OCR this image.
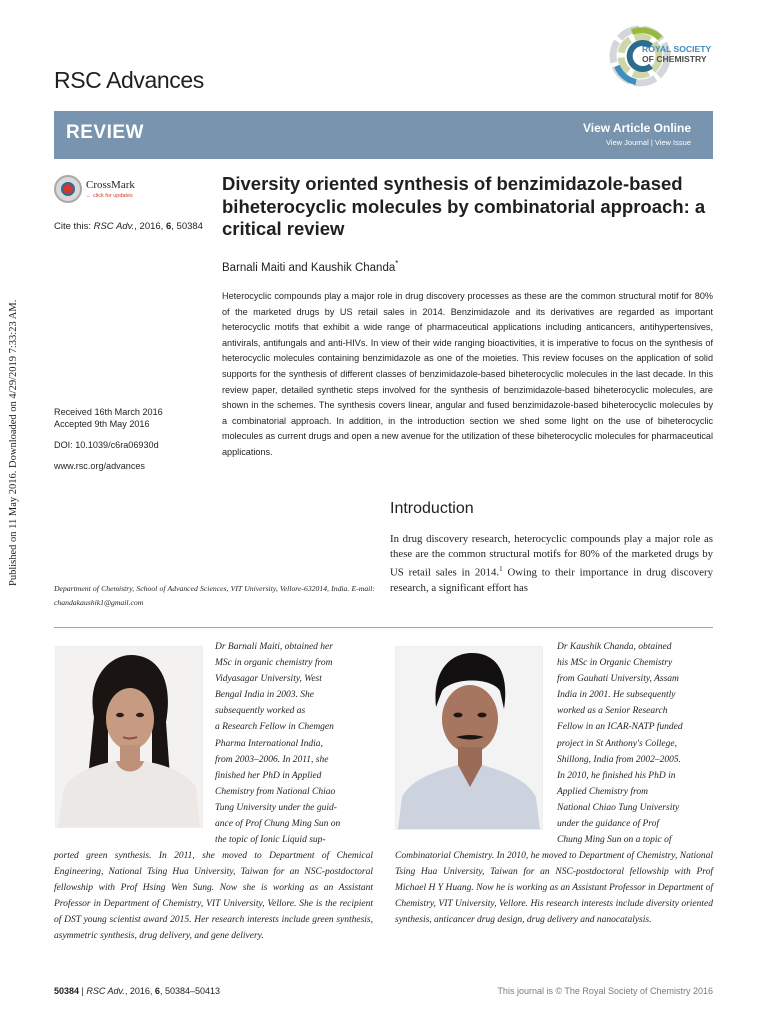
Published on 11 May 2016. Downloaded on 4/29/2019 7:33:23 AM.
RSC Advances
ROYAL SOCIETY
OF CHEMISTRY
REVIEW	View Article Online
View Journal | View Issue
CrossMark
← click for updates
Cite this: RSC Adv., 2016, 6, 50384
Diversity oriented synthesis of benzimidazole-based biheterocyclic molecules by combinatorial approach: a critical review
Barnali Maiti and Kaushik Chanda*
Heterocyclic compounds play a major role in drug discovery processes as these are the common structural motif for 80% of the marketed drugs by US retail sales in 2014. Benzimidazole and its derivatives are regarded as important heterocyclic motifs that exhibit a wide range of pharmaceutical applications including anticancers, antihypertensives, antivirals, antifungals and anti-HIVs. In view of their wide ranging bioactivities, it is imperative to focus on the synthesis of heterocyclic molecules containing benzimidazole as one of the moieties. This review focuses on the application of solid supports for the synthesis of different classes of benzimidazole-based biheterocyclic molecules in the last decade. In this review paper, detailed synthetic steps involved for the synthesis of benzimidazole-based biheterocyclic molecules, are shown in the schemes. The synthesis covers linear, angular and fused benzimidazole-based biheterocyclic molecules by a combinatorial approach. In addition, in the introduction section we shed some light on the use of biheterocyclic molecules as current drugs and open a new avenue for the utilization of these biheterocyclic molecules for pharmaceutical applications.
Received 16th March 2016
Accepted 9th May 2016
DOI: 10.1039/c6ra06930d
www.rsc.org/advances
Introduction
In drug discovery research, heterocyclic compounds play a major role as these are the common structural motifs for 80% of the marketed drugs by US retail sales in 2014.$^1$ Owing to their importance in drug discovery research, a significant effort has
Department of Chemistry, School of Advanced Sciences, VIT University, Vellore-632014, India. E-mail: chandakaushik1@gmail.com
Dr Barnali Maiti, obtained her
MSc in organic chemistry from
Vidyasagar University, West
Bengal India in 2003. She
subsequently worked as
a Research Fellow in Chemgen
Pharma International India,
from 2003–2006. In 2011, she
finished her PhD in Applied
Chemistry from National Chiao
Tung University under the guid-
ance of Prof Chung Ming Sun on
the topic of Ionic Liquid sup-
ported green synthesis. In 2011, she moved to Department of Chemical Engineering, National Tsing Hua University, Taiwan for an NSC-postdoctoral fellowship with Prof Hsing Wen Sung. Now she is working as an Assistant Professor in Department of Chemistry, VIT University, Vellore. She is the recipient of DST young scientist award 2015. Her research interests include green synthesis, asymmetric synthesis, drug delivery, and gene delivery.
Dr Kaushik Chanda, obtained
his MSc in Organic Chemistry
from Gauhati University, Assam
India in 2001. He subsequently
worked as a Senior Research
Fellow in an ICAR-NATP funded
project in St Anthony's College,
Shillong, India from 2002–2005.
In 2010, he finished his PhD in
Applied Chemistry from
National Chiao Tung University
under the guidance of Prof
Chung Ming Sun on a topic of
Combinatorial Chemistry. In 2010, he moved to Department of Chemistry, National Tsing Hua University, Taiwan for an NSC-postdoctoral fellowship with Prof Michael H Y Huang. Now he is working as an Assistant Professor in Department of Chemistry, VIT University, Vellore. His research interests include diversity oriented synthesis, anticancer drug design, drug delivery and nanocatalysis.
50384 | RSC Adv., 2016, 6, 50384–50413	This journal is © The Royal Society of Chemistry 2016
